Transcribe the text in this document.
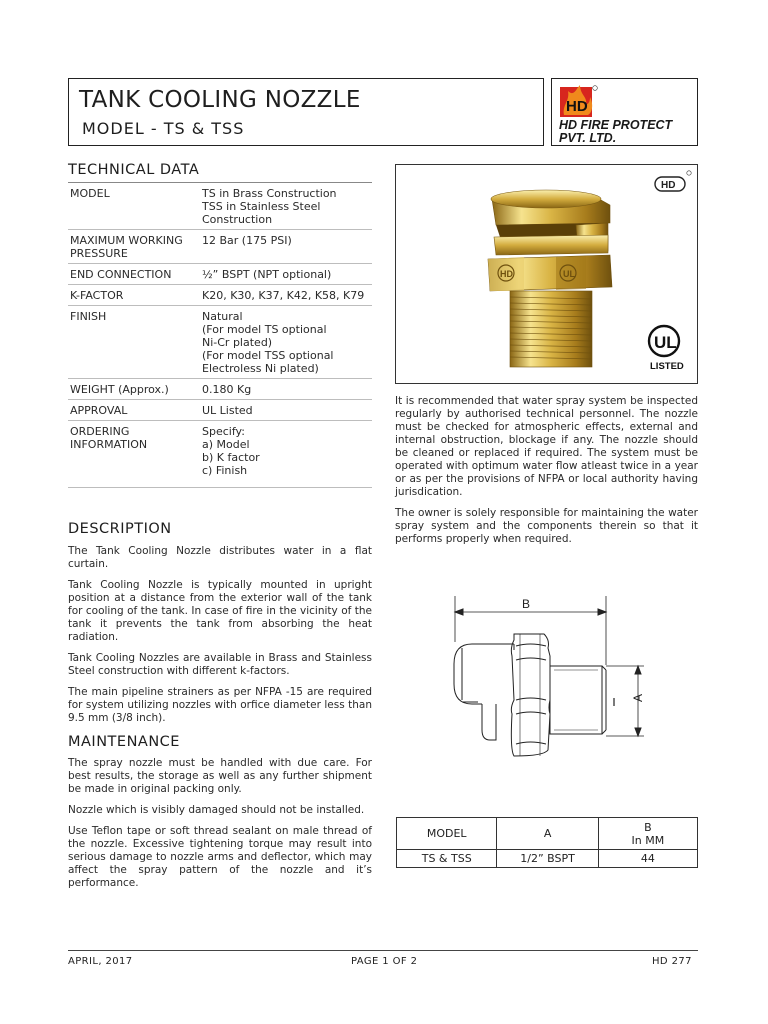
TANK COOLING NOZZLE
MODEL - TS & TSS
HD
HD FIRE PROTECT
PVT. LTD.
TECHNICAL DATA
MODEL	TS in Brass Construction
TSS in Stainless Steel
Construction
MAXIMUM WORKING
PRESSURE	12 Bar (175 PSI)
END CONNECTION	½” BSPT (NPT optional)
K-FACTOR	K20, K30, K37, K42, K58, K79
FINISH	Natural
(For model TS optional
Ni-Cr plated)
(For model TSS optional
Electroless Ni plated)
WEIGHT (Approx.)	0.180 Kg
APPROVAL	UL Listed
ORDERING
INFORMATION	Specify:
a) Model
b) K factor
c) Finish
DESCRIPTION

The Tank Cooling Nozzle distributes water in a flat curtain.

Tank Cooling Nozzle is typically mounted in upright position at a distance from the exterior wall of the tank for cooling of the tank. In case of fire in the vicinity of the tank it prevents the tank from absorbing the heat radiation.

Tank Cooling Nozzles are available in Brass and Stainless Steel construction with different k-factors.

The main pipeline strainers as per NFPA -15 are required for system utilizing nozzles with orfice diameter less than 9.5 mm (3/8 inch).

MAINTENANCE

The spray nozzle must be handled with due care. For best results, the storage as well as any further shipment be made in original packing only.

Nozzle which is visibly damaged should not be installed.

Use Teflon tape or soft thread sealant on male thread of the nozzle. Excessive tightening torque may result into serious damage to nozzle arms and deflector, which may affect the spray pattern of the nozzle and it’s performance.

HD	UL
HD
UL
LISTED

It is recommended that water spray system be inspected regularly by authorised technical personnel. The nozzle must be checked for atmospheric effects, external and internal obstruction, blockage if any. The nozzle should be cleaned or replaced if required. The system must be operated with optimum water flow atleast twice in a year or as per the provisions of NFPA or local authority having jurisdication.

The owner is solely responsible for maintaining the water spray system and the components therein so that it performs properly when required.

B
A
MODEL	A	B
In MM
TS & TSS	1/2” BSPT	44
APRIL, 2017	PAGE 1 OF 2	HD 277
